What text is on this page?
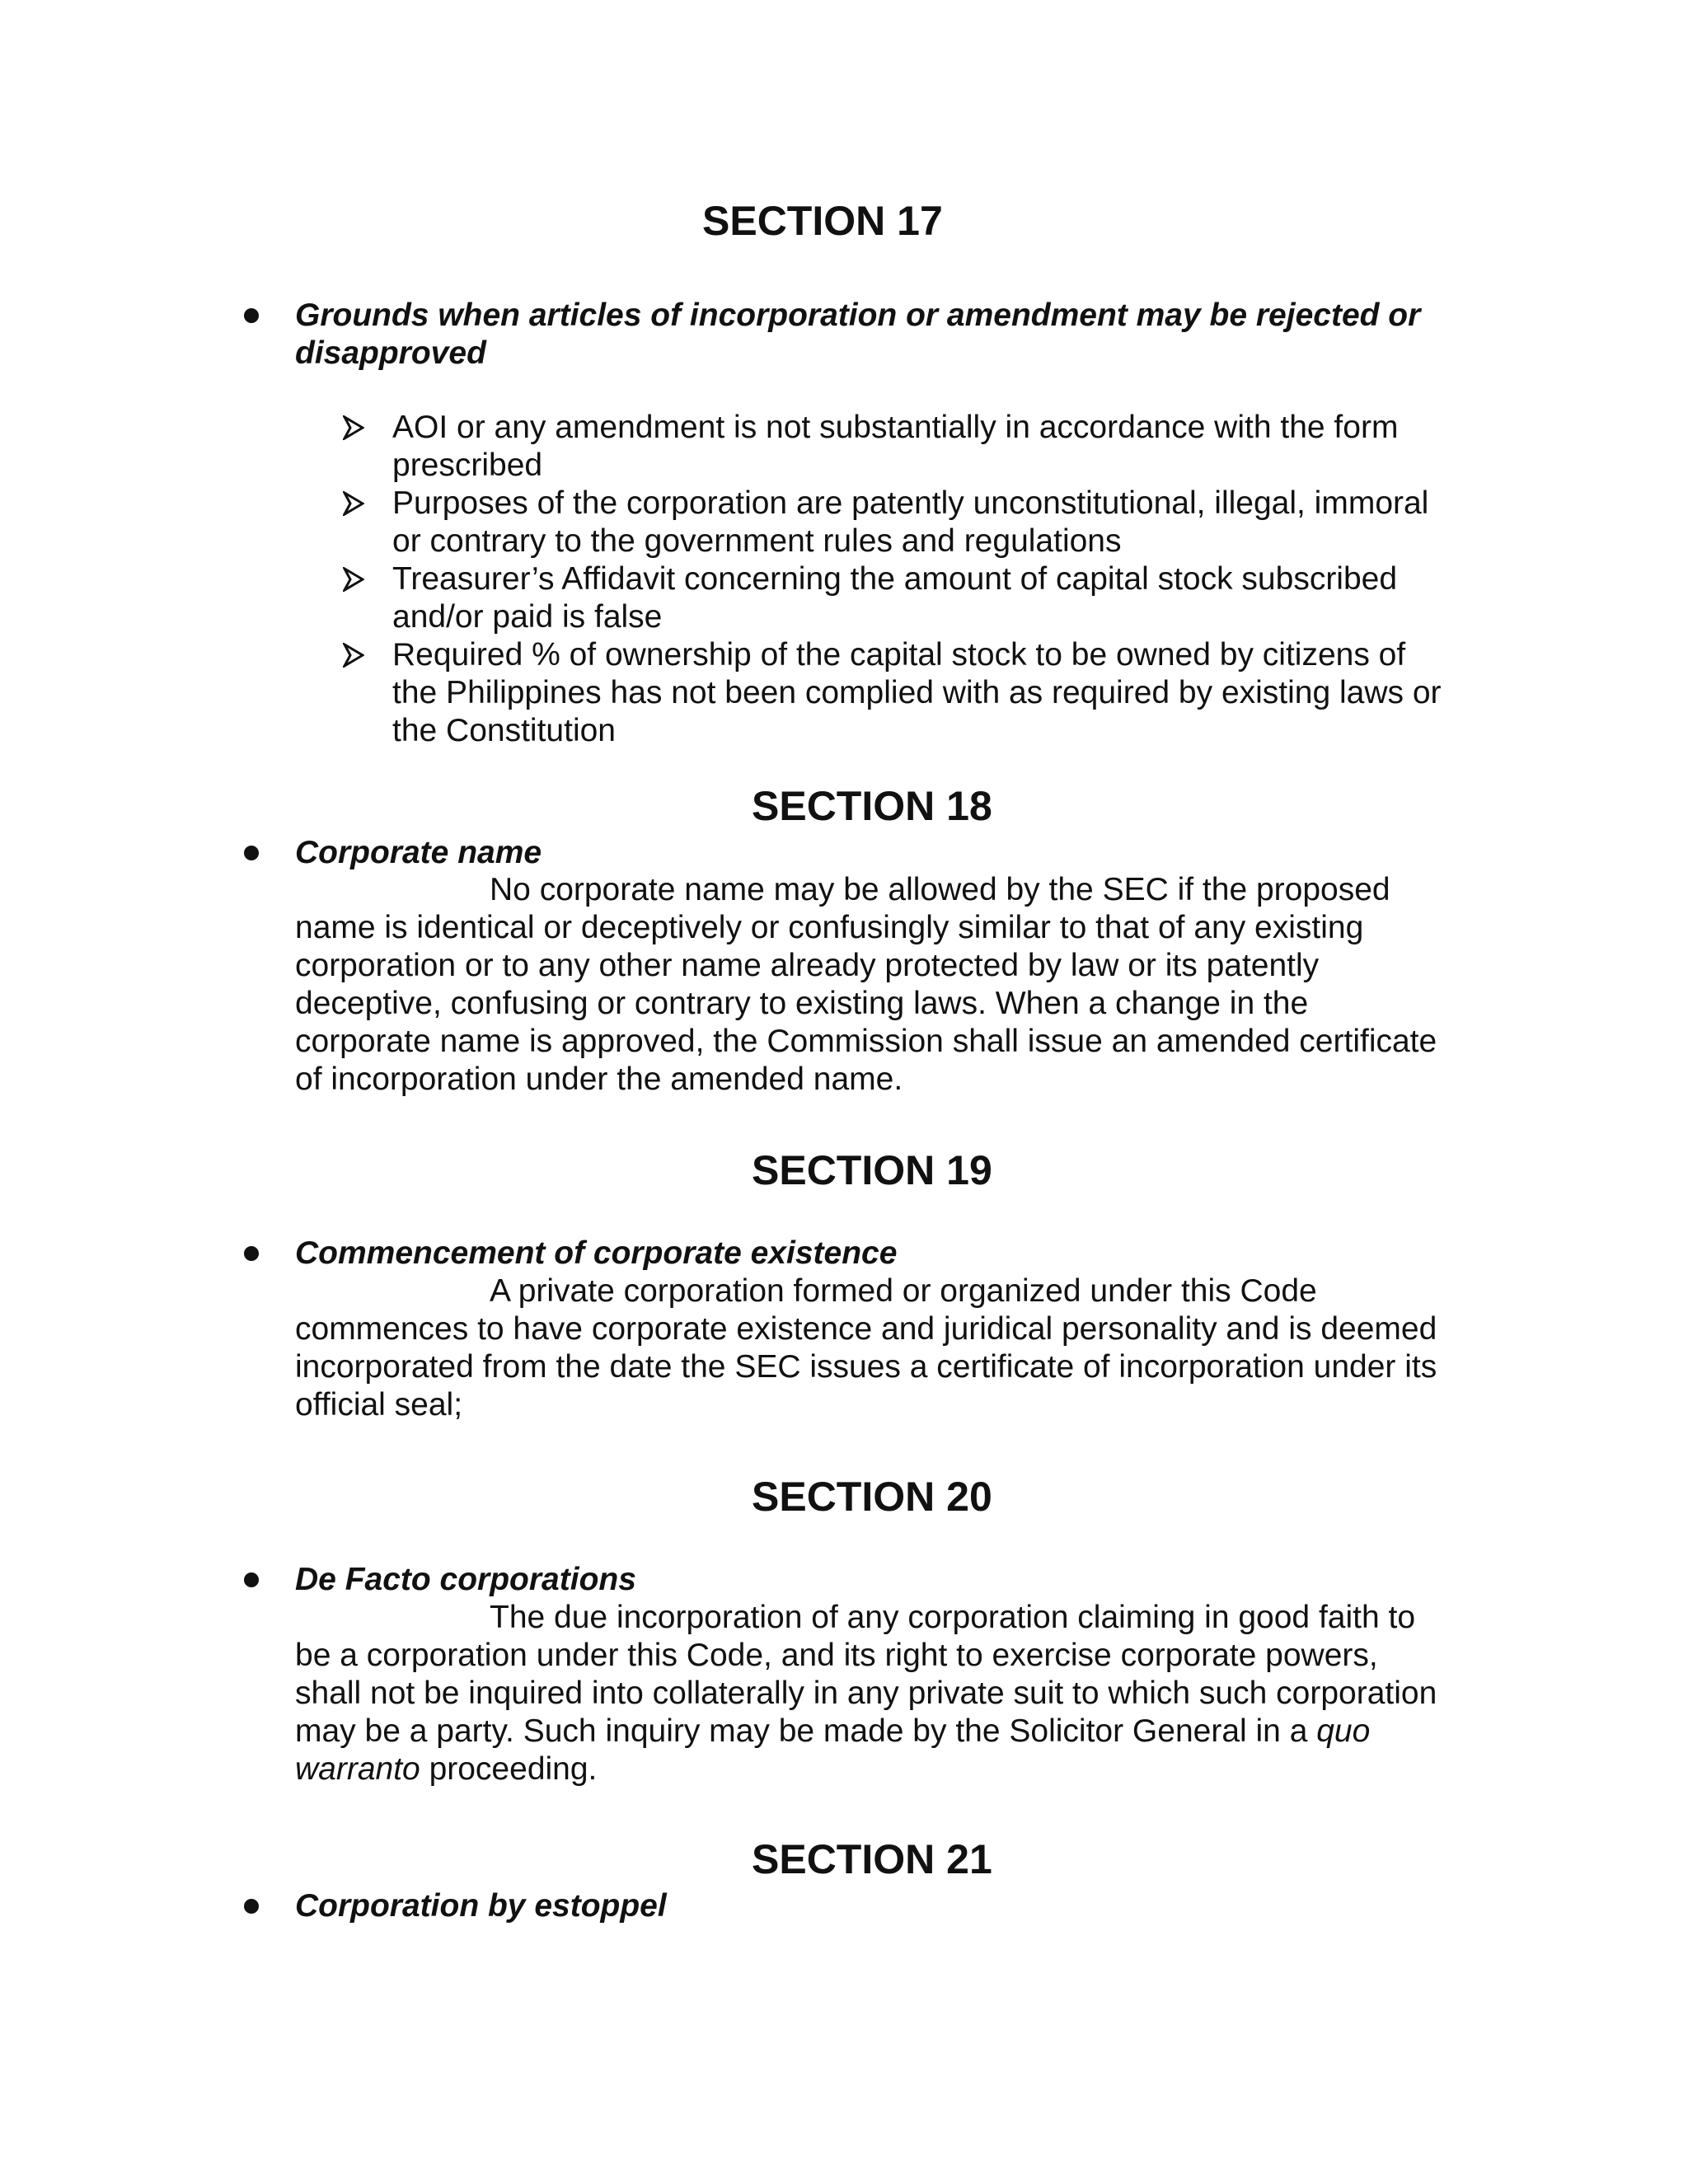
SECTION 17
Grounds when articles of incorporation or amendment may be rejected or
disapproved
AOI or any amendment is not substantially in accordance with the form
prescribed
Purposes of the corporation are patently unconstitutional, illegal, immoral
or contrary to the government rules and regulations
Treasurer’s Affidavit concerning the amount of capital stock subscribed
and/or paid is false
Required % of ownership of the capital stock to be owned by citizens of
the Philippines has not been complied with as required by existing laws or
the Constitution
SECTION 18
Corporate name
No corporate name may be allowed by the SEC if the proposed
name is identical or deceptively or confusingly similar to that of any existing
corporation or to any other name already protected by law or its patently
deceptive, confusing or contrary to existing laws. When a change in the
corporate name is approved, the Commission shall issue an amended certificate
of incorporation under the amended name.
SECTION 19
Commencement of corporate existence
A private corporation formed or organized under this Code
commences to have corporate existence and juridical personality and is deemed
incorporated from the date the SEC issues a certificate of incorporation under its
official seal;
SECTION 20
De Facto corporations
The due incorporation of any corporation claiming in good faith to
be a corporation under this Code, and its right to exercise corporate powers,
shall not be inquired into collaterally in any private suit to which such corporation
may be a party. Such inquiry may be made by the Solicitor General in a quo
warranto proceeding.
SECTION 21
Corporation by estoppel
